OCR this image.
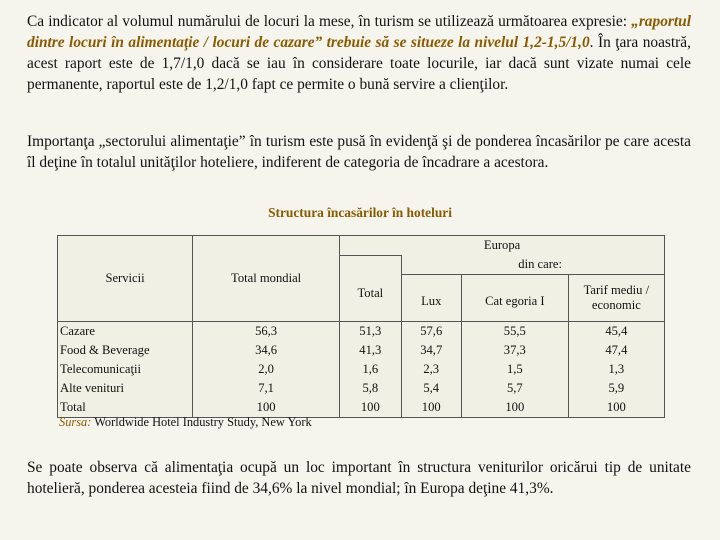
Ca indicator al volumul numărului de locuri la mese, în turism se utilizează următoarea expresie: „raportul dintre locuri în alimentaţie / locuri de cazare” trebuie să se situeze la nivelul 1,2-1,5/1,0. În ţara noastră, acest raport este de 1,7/1,0 dacă se iau în considerare toate locurile, iar dacă sunt vizate numai cele permanente, raportul este de 1,2/1,0 fapt ce permite o bună servire a clienţilor.

Importanţa „sectorului alimentaţie” în turism este pusă în evidenţă şi de ponderea încasărilor pe care acesta îl deţine în totalul unităţilor hoteliere, indiferent de categoria de încadrare a acestora.

Structura încasărilor în hoteluri
Servicii	Total mondial	Europa			
		Total	din care:		
			Lux	Cat egoria I	Tarif mediu / economic
Cazare	56,3	51,3	57,6	55,5	45,4
Food & Beverage	34,6	41,3	34,7	37,3	47,4
Telecomunicaţii	2,0	1,6	2,3	1,5	1,3
Alte venituri	7,1	5,8	5,4	5,7	5,9
Total	100	100	100	100	100
Sursa: Worldwide Hotel Industry Study, New York

Se poate observa că alimentaţia ocupă un loc important în structura veniturilor oricărui tip de unitate hotelieră, ponderea acesteia fiind de 34,6% la nivel mondial; în Europa deţine 41,3%.
